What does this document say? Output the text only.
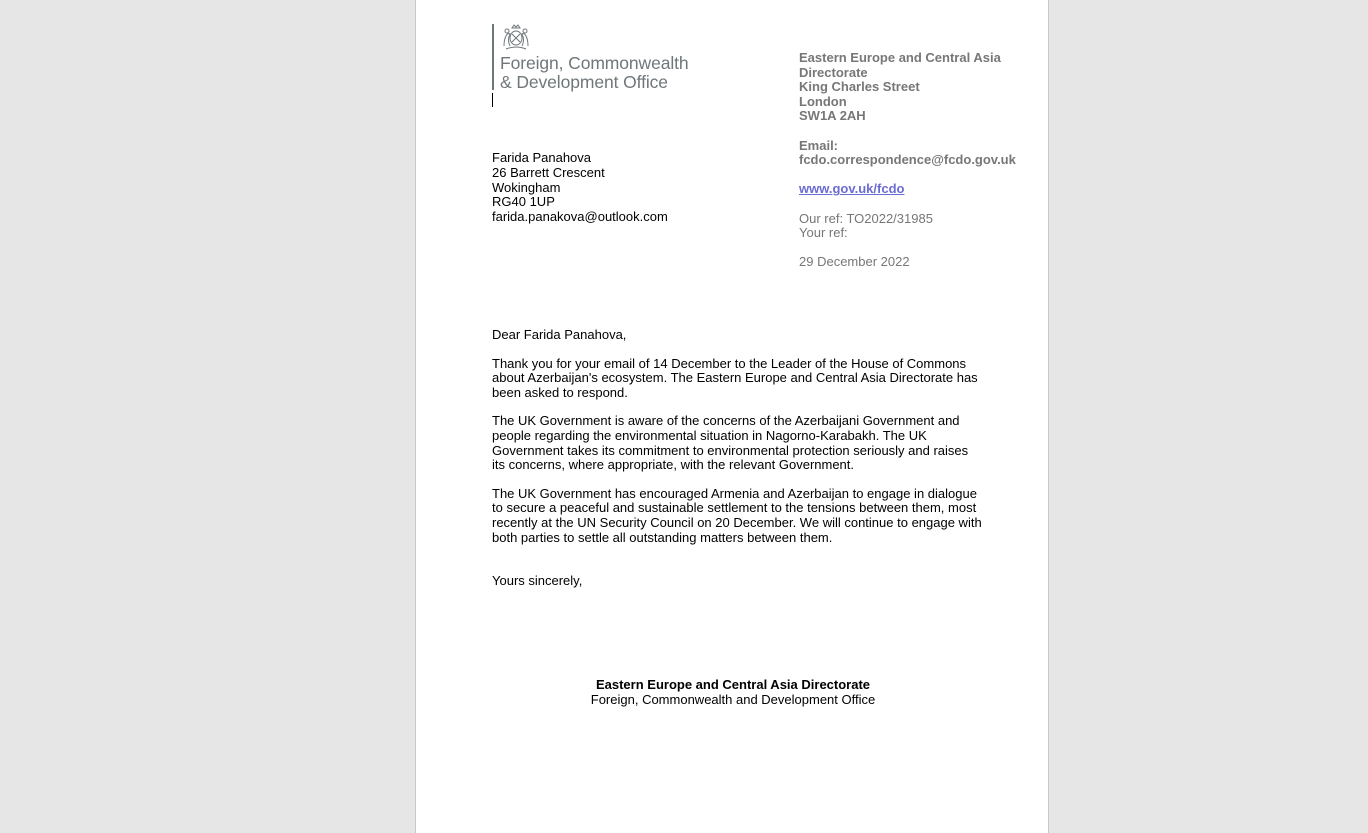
Foreign, Commonwealth
& Development Office
Eastern Europe and Central Asia
Directorate
King Charles Street
London
SW1A 2AH
Email:
fcdo.correspondence@fcdo.gov.uk
www.gov.uk/fcdo
Our ref: TO2022/31985
Your ref:
29 December 2022
Farida Panahova
26 Barrett Crescent
Wokingham
RG40 1UP
farida.panakova@outlook.com

Dear Farida Panahova,

Thank you for your email of 14 December to the Leader of the House of Commons about Azerbaijan's ecosystem. The Eastern Europe and Central Asia Directorate has been asked to respond.

The UK Government is aware of the concerns of the Azerbaijani Government and people regarding the environmental situation in Nagorno-Karabakh. The UK Government takes its commitment to environmental protection seriously and raises its concerns, where appropriate, with the relevant Government.

The UK Government has encouraged Armenia and Azerbaijan to engage in dialogue to secure a peaceful and sustainable settlement to the tensions between them, most recently at the UN Security Council on 20 December. We will continue to engage with both parties to settle all outstanding matters between them.

Yours sincerely,

Eastern Europe and Central Asia Directorate
Foreign, Commonwealth and Development Office
